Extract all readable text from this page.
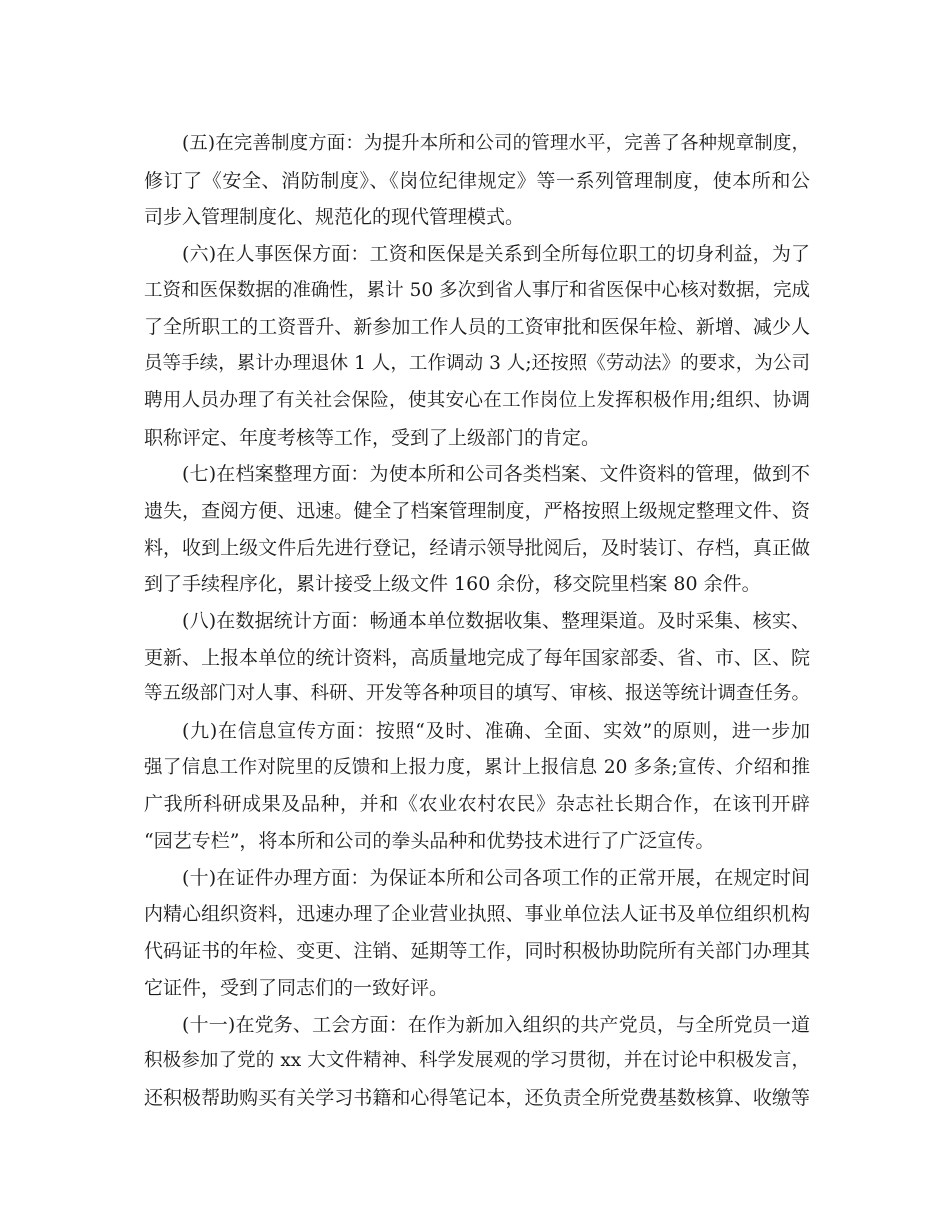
(五)在完善制度方面：为提升本所和公司的管理水平，完善了各种规章制度，
修订了《安全、消防制度》、《岗位纪律规定》等一系列管理制度，使本所和公
司步入管理制度化、规范化的现代管理模式。
(六)在人事医保方面：工资和医保是关系到全所每位职工的切身利益，为了
工资和医保数据的准确性，累计 50 多次到省人事厅和省医保中心核对数据，完成
了全所职工的工资晋升、新参加工作人员的工资审批和医保年检、新增、减少人
员等手续，累计办理退休 1 人，工作调动 3 人;还按照《劳动法》的要求，为公司
聘用人员办理了有关社会保险，使其安心在工作岗位上发挥积极作用;组织、协调
职称评定、年度考核等工作，受到了上级部门的肯定。
(七)在档案整理方面：为使本所和公司各类档案、文件资料的管理，做到不
遗失，查阅方便、迅速。健全了档案管理制度，严格按照上级规定整理文件、资
料，收到上级文件后先进行登记，经请示领导批阅后，及时装订、存档，真正做
到了手续程序化，累计接受上级文件 160 余份，移交院里档案 80 余件。
(八)在数据统计方面：畅通本单位数据收集、整理渠道。及时采集、核实、
更新、上报本单位的统计资料，高质量地完成了每年国家部委、省、市、区、院
等五级部门对人事、科研、开发等各种项目的填写、审核、报送等统计调查任务。
(九)在信息宣传方面：按照“及时、准确、全面、实效”的原则，进一步加
强了信息工作对院里的反馈和上报力度，累计上报信息 20 多条;宣传、介绍和推
广我所科研成果及品种，并和《农业农村农民》杂志社长期合作，在该刊开辟
“园艺专栏”，将本所和公司的拳头品种和优势技术进行了广泛宣传。
(十)在证件办理方面：为保证本所和公司各项工作的正常开展，在规定时间
内精心组织资料，迅速办理了企业营业执照、事业单位法人证书及单位组织机构
代码证书的年检、变更、注销、延期等工作，同时积极协助院所有关部门办理其
它证件，受到了同志们的一致好评。
(十一)在党务、工会方面：在作为新加入组织的共产党员，与全所党员一道
积极参加了党的 xx 大文件精神、科学发展观的学习贯彻，并在讨论中积极发言，
还积极帮助购买有关学习书籍和心得笔记本，还负责全所党费基数核算、收缴等
